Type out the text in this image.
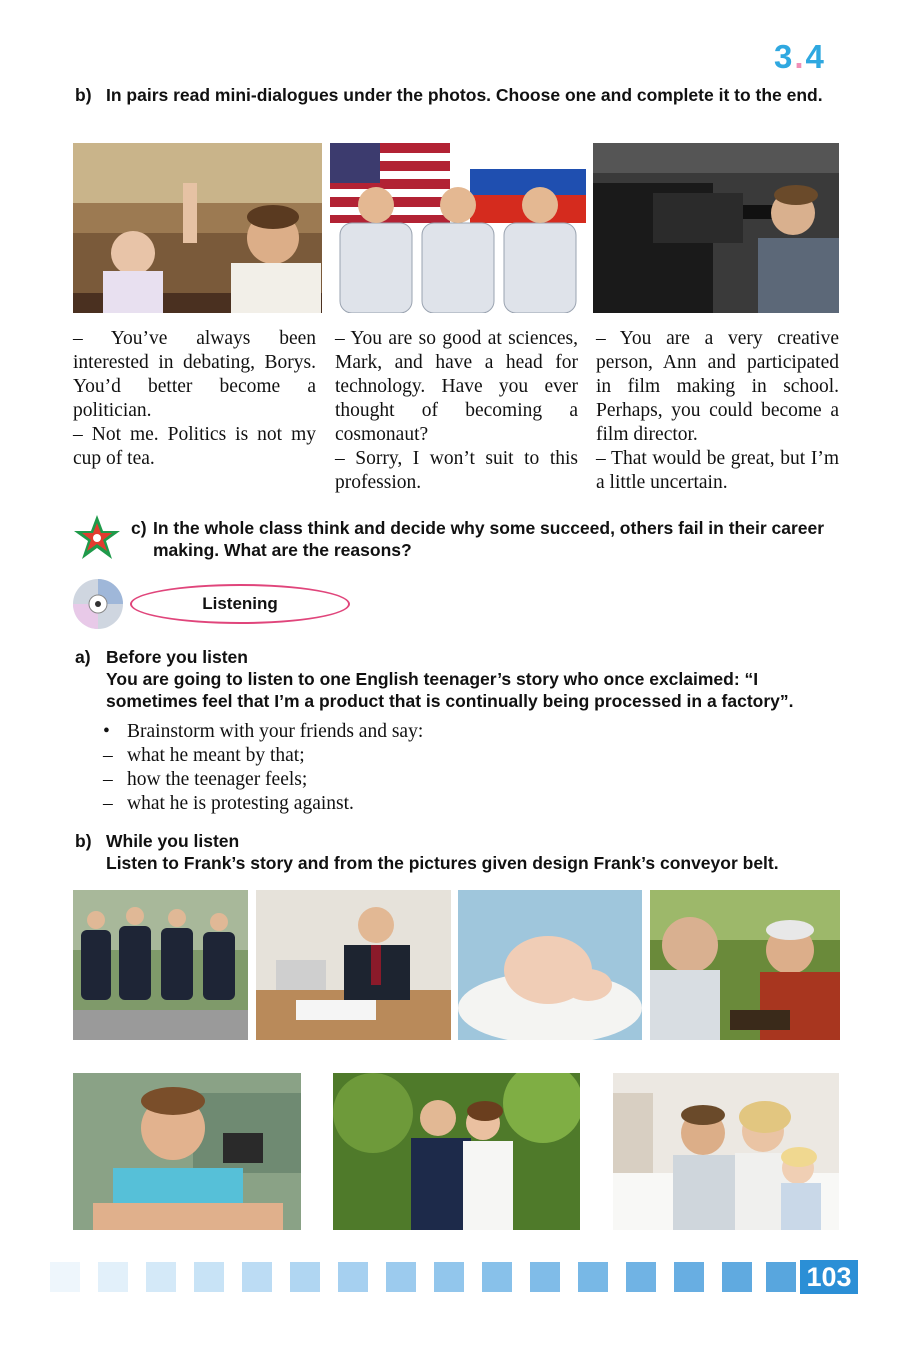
3.4
b) In pairs read mini-dialogues under the photos. Choose one and complete it to the end.
– You’ve always been interested in debating, Borys. You’d better become a politician.
– Not me. Politics is not my cup of tea.
– You are so good at sciences, Mark, and have a head for technology. Have you ever thought of becoming a cosmonaut?
– Sorry, I won’t suit to this profession.
– You are a very creative person, Ann and participated in film making in school. Perhaps, you could become a film director.
– That would be great, but I’m a little uncertain.
c) In the whole class think and decide why some succeed, others fail in their career making. What are the reasons?
Listening
a) Before you listen
You are going to listen to one English teenager’s story who once exclaimed: “I sometimes feel that I’m a product that is continually being processed in a factory”.
• Brainstorm with your friends and say:
– what he meant by that;
– how the teenager feels;
– what he is protesting against.
b) While you listen
Listen to Frank’s story and from the pictures given design Frank’s conveyor belt.
103
